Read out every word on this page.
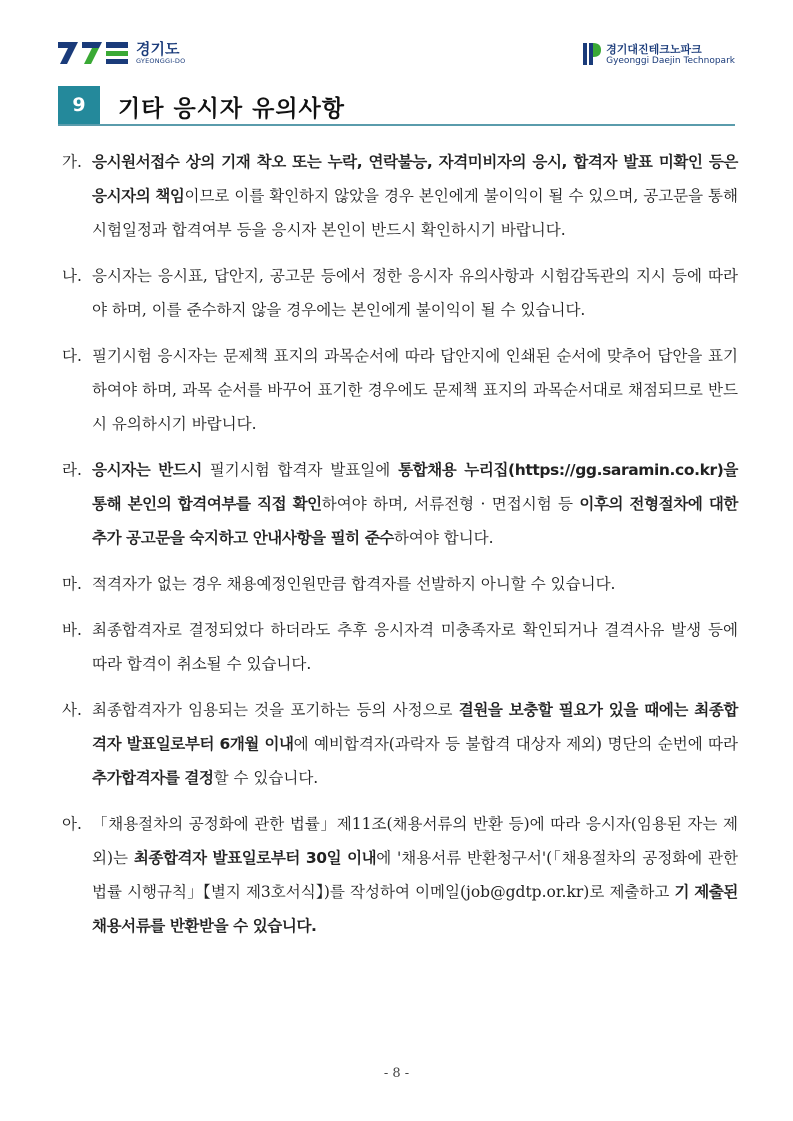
경기도
GYEONGGI-DO
경기대진테크노파크
Gyeonggi Daejin Technopark
9	기타 응시자 유의사항
가. 응시원서접수 상의 기재 착오 또는 누락, 연락불능, 자격미비자의 응시, 합격자 발표 미확인 등은 응시자의 책임이므로 이를 확인하지 않았을 경우 본인에게 불이익이 될 수 있으며, 공고문을 통해 시험일정과 합격여부 등을 응시자 본인이 반드시 확인하시기 바랍니다.
나. 응시자는 응시표, 답안지, 공고문 등에서 정한 응시자 유의사항과 시험감독관의 지시 등에 따라야 하며, 이를 준수하지 않을 경우에는 본인에게 불이익이 될 수 있습니다.
다. 필기시험 응시자는 문제책 표지의 과목순서에 따라 답안지에 인쇄된 순서에 맞추어 답안을 표기하여야 하며, 과목 순서를 바꾸어 표기한 경우에도 문제책 표지의 과목순서대로 채점되므로 반드시 유의하시기 바랍니다.
라. 응시자는 반드시 필기시험 합격자 발표일에 통합채용 누리집(https://gg.saramin.co.kr)을 통해 본인의 합격여부를 직접 확인하여야 하며, 서류전형 · 면접시험 등 이후의 전형절차에 대한 추가 공고문을 숙지하고 안내사항을 필히 준수하여야 합니다.
마. 적격자가 없는 경우 채용예정인원만큼 합격자를 선발하지 아니할 수 있습니다.
바. 최종합격자로 결정되었다 하더라도 추후 응시자격 미충족자로 확인되거나 결격사유 발생 등에 따라 합격이 취소될 수 있습니다.
사. 최종합격자가 임용되는 것을 포기하는 등의 사정으로 결원을 보충할 필요가 있을 때에는 최종합격자 발표일로부터 6개월 이내에 예비합격자(과락자 등 불합격 대상자 제외) 명단의 순번에 따라 추가합격자를 결정할 수 있습니다.
아. 「채용절차의 공정화에 관한 법률」제11조(채용서류의 반환 등)에 따라 응시자(임용된 자는 제외)는 최종합격자 발표일로부터 30일 이내에 '채용서류 반환청구서'(「채용절차의 공정화에 관한 법률 시행규칙」【별지 제3호서식】)를 작성하여 이메일(job@gdtp.or.kr)로 제출하고 기 제출된 채용서류를 반환받을 수 있습니다.
- 8 -
